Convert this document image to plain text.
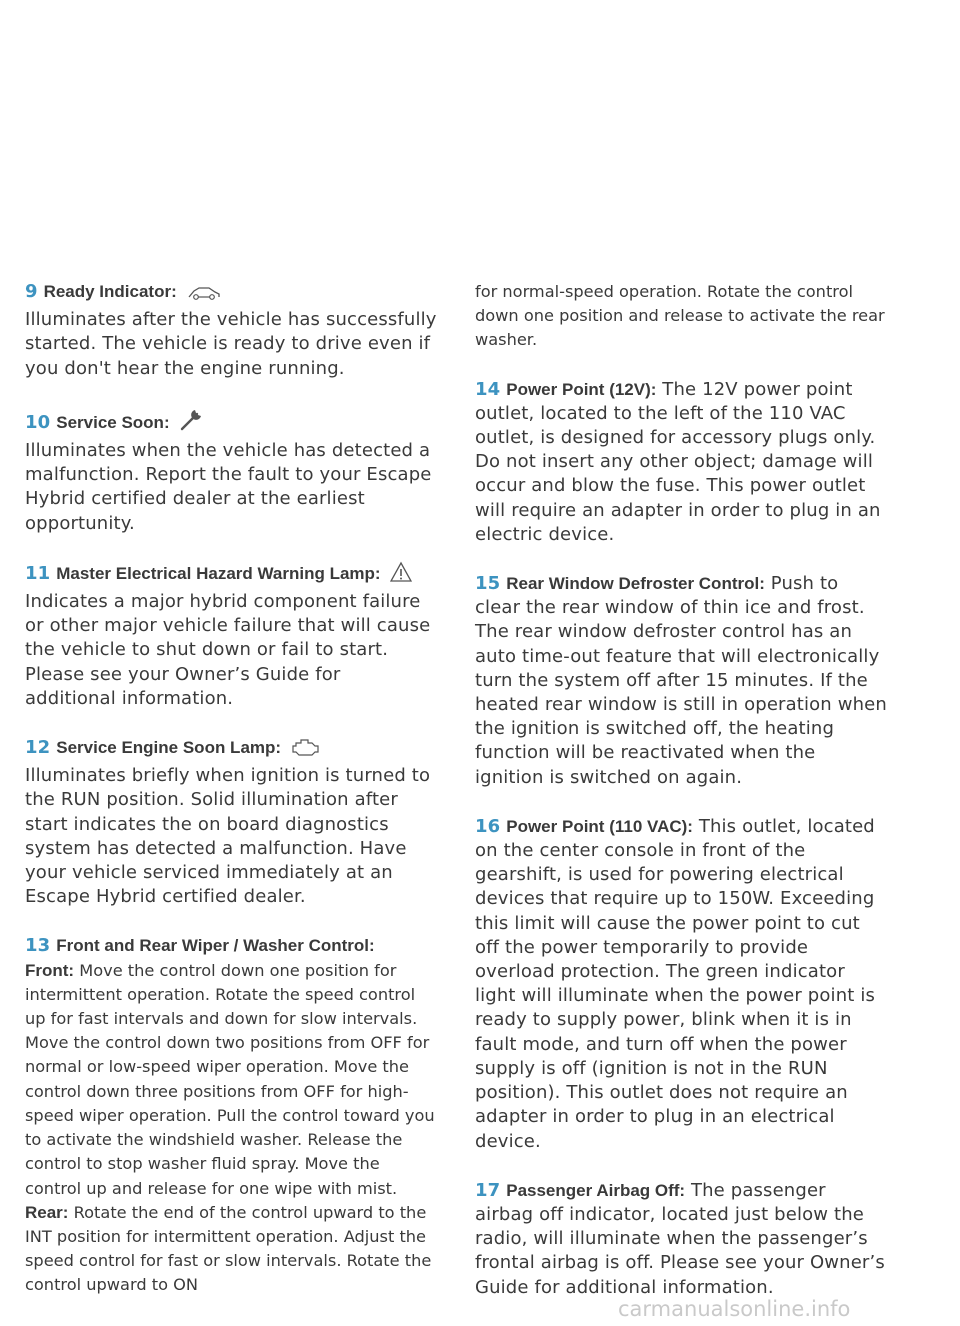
9 Ready Indicator:

Illuminates after the vehicle has successfully started. The vehicle is ready to drive even if you don't hear the engine running.

10 Service Soon:

Illuminates when the vehicle has detected a malfunction. Report the fault to your Escape Hybrid certified dealer at the earliest opportunity.

11 Master Electrical Hazard Warning Lamp:

Indicates a major hybrid component failure or other major vehicle failure that will cause the vehicle to shut down or fail to start. Please see your Owner’s Guide for additional information.

12 Service Engine Soon Lamp:

Illuminates briefly when ignition is turned to the RUN position. Solid illumination after start indicates the on board diagnostics system has detected a malfunction. Have your vehicle serviced immediately at an Escape Hybrid certified dealer.

13 Front and Rear Wiper / Washer Control:

Front: Move the control down one position for intermittent operation. Rotate the speed control up for fast intervals and down for slow intervals. Move the control down two positions from OFF for normal or low-speed wiper operation. Move the control down three positions from OFF for high-speed wiper operation. Pull the control toward you to activate the windshield washer. Release the control to stop washer fluid spray. Move the control up and release for one wipe with mist. Rear: Rotate the end of the control upward to the INT position for intermittent operation. Adjust the speed control for fast or slow intervals. Rotate the control upward to ON

for normal-speed operation. Rotate the control down one position and release to activate the rear washer.

14 Power Point (12V): The 12V power point outlet, located to the left of the 110 VAC outlet, is designed for accessory plugs only. Do not insert any other object; damage will occur and blow the fuse. This power outlet will require an adapter in order to plug in an electric device.

15 Rear Window Defroster Control: Push to clear the rear window of thin ice and frost. The rear window defroster control has an auto time-out feature that will electronically turn the system off after 15 minutes. If the heated rear window is still in operation when the ignition is switched off, the heating function will be reactivated when the ignition is switched on again.

16 Power Point (110 VAC): This outlet, located on the center console in front of the gearshift, is used for powering electrical devices that require up to 150W. Exceeding this limit will cause the power point to cut off the power temporarily to provide overload protection. The green indicator light will illuminate when the power point is ready to supply power, blink when it is in fault mode, and turn off when the power supply is off (ignition is not in the RUN position). This outlet does not require an adapter in order to plug in an electrical device.

17 Passenger Airbag Off: The passenger airbag off indicator, located just below the radio, will illuminate when the passenger’s frontal airbag is off. Please see your Owner’s Guide for additional information.

carmanualsonline.info
